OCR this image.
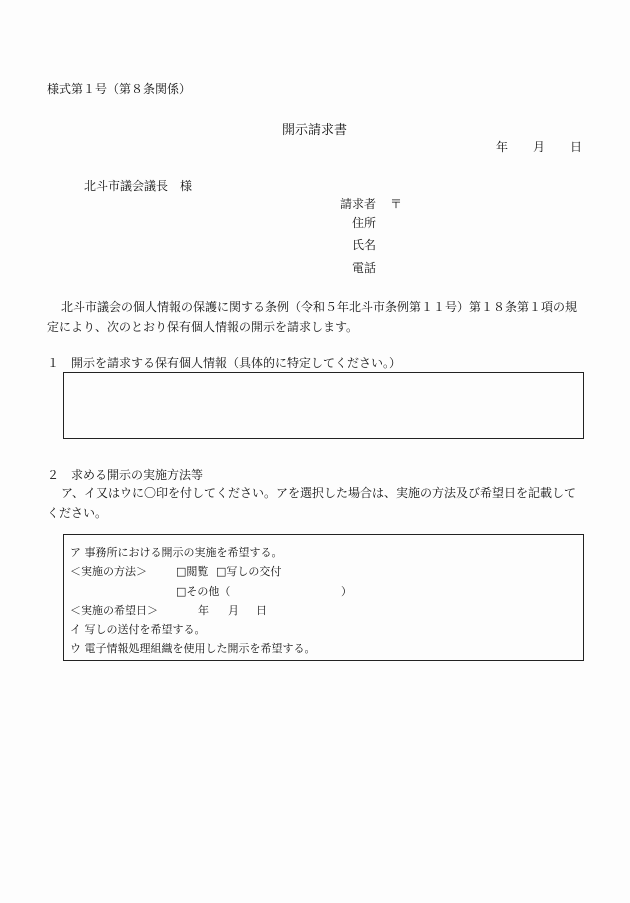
様式第１号（第８条関係）
開示請求書
年 月 日
北斗市議会議長　様
請求者 〒
住所
氏名
電話
北斗市議会の個人情報の保護に関する条例（令和５年北斗市条例第１１号）第１８条第１項の規
定により、次のとおり保有個人情報の開示を請求します。
１　開示を請求する保有個人情報（具体的に特定してください。）
２　求める開示の実施方法等
ア、イ又はウに〇印を付してください。アを選択した場合は、実施の方法及び希望日を記載して
ください。
ア 事務所における開示の実施を希望する。
＜実施の方法＞	□閲覧 □写しの交付
□その他（	）
＜実施の希望日＞	年 月 日
イ 写しの送付を希望する。
ウ 電子情報処理組織を使用した開示を希望する。
